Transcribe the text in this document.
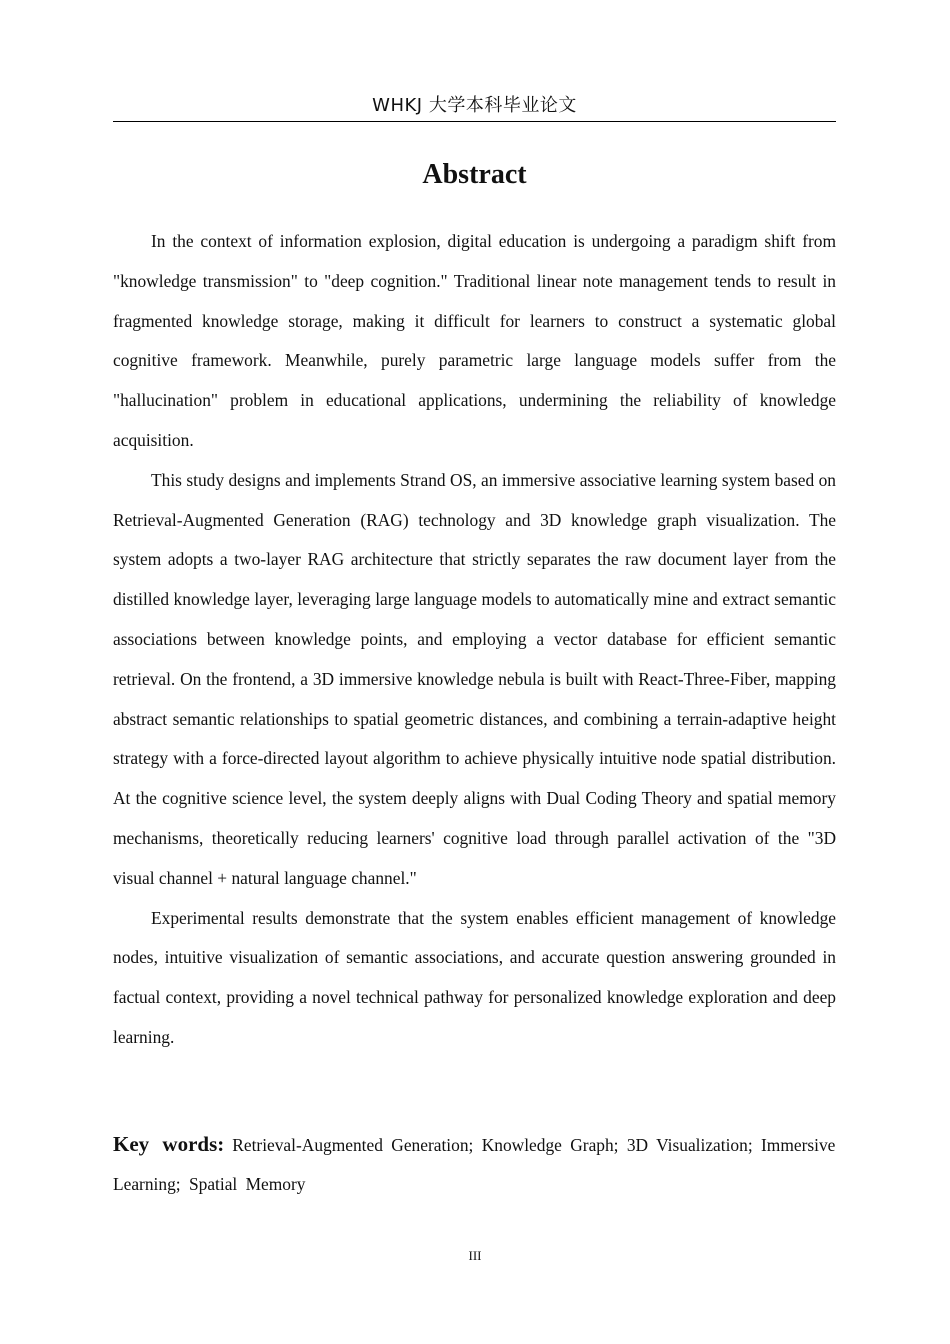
WHKJ 大学本科毕业论文
Abstract

In the context of information explosion, digital education is undergoing a paradigm shift from "knowledge transmission" to "deep cognition." Traditional linear note management tends to result in fragmented knowledge storage, making it difficult for learners to construct a systematic global cognitive framework. Meanwhile, purely parametric large language models suffer from the "hallucination" problem in educational applications, undermining the reliability of knowledge acquisition.

This study designs and implements Strand OS, an immersive associative learning system based on Retrieval-Augmented Generation (RAG) technology and 3D knowledge graph visualization. The system adopts a two-layer RAG architecture that strictly separates the raw document layer from the distilled knowledge layer, leveraging large language models to automatically mine and extract semantic associations between knowledge points, and employing a vector database for efficient semantic retrieval. On the frontend, a 3D immersive knowledge nebula is built with React-Three-Fiber, mapping abstract semantic relationships to spatial geometric distances, and combining a terrain-adaptive height strategy with a force-directed layout algorithm to achieve physically intuitive node spatial distribution. At the cognitive science level, the system deeply aligns with Dual Coding Theory and spatial memory mechanisms, theoretically reducing learners' cognitive load through parallel activation of the "3D visual channel + natural language channel."

Experimental results demonstrate that the system enables efficient management of knowledge nodes, intuitive visualization of semantic associations, and accurate question answering grounded in factual context, providing a novel technical pathway for personalized knowledge exploration and deep learning.

Key words: Retrieval-Augmented Generation; Knowledge Graph; 3D Visualization; Immersive Learning; Spatial Memory

III
